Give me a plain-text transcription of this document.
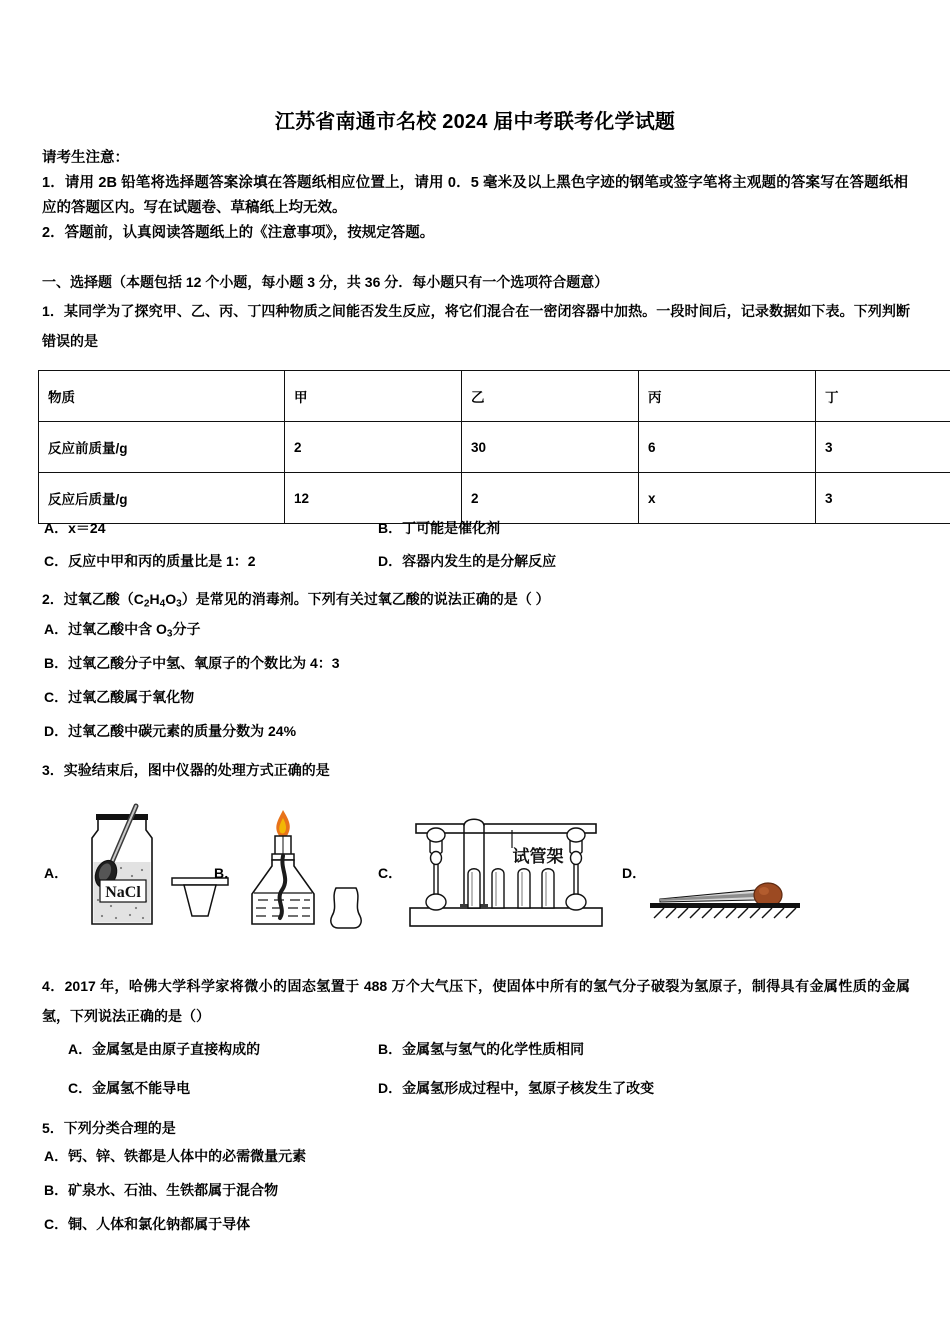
江苏省南通市名校 2024 届中考联考化学试题
请考生注意：
1．请用 2B 铅笔将选择题答案涂填在答题纸相应位置上，请用 0．5 毫米及以上黑色字迹的钢笔或签字笔将主观题的答案写在答题纸相应的答题区内。写在试题卷、草稿纸上均无效。
2．答题前，认真阅读答题纸上的《注意事项》，按规定答题。
一、选择题（本题包括 12 个小题，每小题 3 分，共 36 分．每小题只有一个选项符合题意）
1．某同学为了探究甲、乙、丙、丁四种物质之间能否发生反应，将它们混合在一密闭容器中加热。一段时间后，记录数据如下表。下列判断错误的是
物质	甲	乙	丙	丁
反应前质量/g	2	30	6	3
反应后质量/g	12	2	x	3
A．x＝24	B．丁可能是催化剂
C．反应中甲和丙的质量比是 1：2	D．容器内发生的是分解反应
2．过氧乙酸$(C_2H_4O_3)$是常见的消毒剂。下列有关过氧乙酸的说法正确的是（ ）
A．过氧乙酸中含 $O_3$分子
B．过氧乙酸分子中氢、氧原子的个数比为 4：3
C．过氧乙酸属于氧化物
D．过氧乙酸中碳元素的质量分数为 24%
3．实验结束后，图中仪器的处理方式正确的是
A．
NaCl
B．	C．
试管架
D．
4．2017 年，哈佛大学科学家将微小的固态氢置于 488 万个大气压下，使固体中所有的氢气分子破裂为氢原子，制得具有金属性质的金属氢，下列说法正确的是（）
A．金属氢是由原子直接构成的	B．金属氢与氢气的化学性质相同
C．金属氢不能导电	D．金属氢形成过程中，氢原子核发生了改变
5．下列分类合理的是
A．钙、锌、铁都是人体中的必需微量元素
B．矿泉水、石油、生铁都属于混合物
C．铜、人体和氯化钠都属于导体
